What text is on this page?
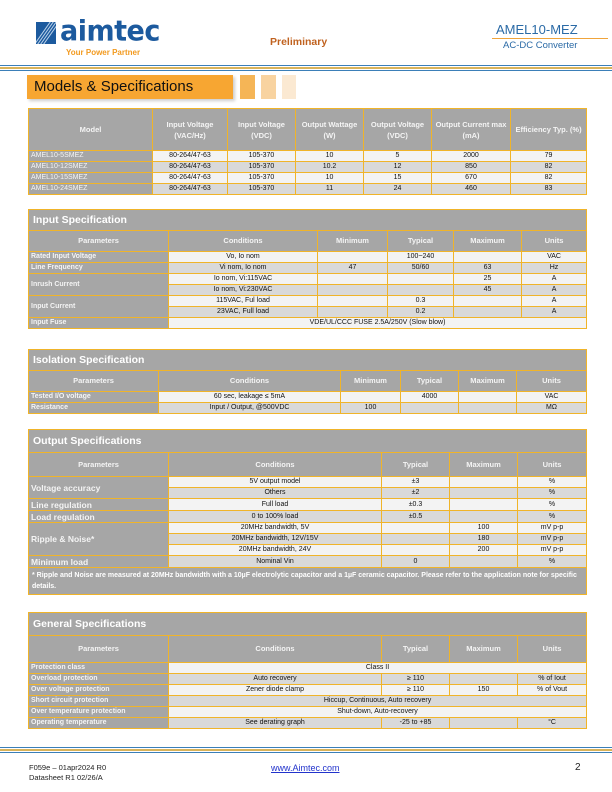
aimtec
Your Power Partner
Preliminary
AMEL10-MEZ
AC-DC Converter
Models & Specifications
Model	Input Voltage (VAC/Hz)	Input Voltage (VDC)	Output Wattage (W)	Output Voltage (VDC)	Output Current max (mA)	Efficiency Typ. (%)
AMEL10-5SMEZ	80-264/47-63	105-370	10	5	2000	79
AMEL10-12SMEZ	80-264/47-63	105-370	10.2	12	850	82
AMEL10-15SMEZ	80-264/47-63	105-370	10	15	670	82
AMEL10-24SMEZ	80-264/47-63	105-370	11	24	460	83
Input Specification					
Parameters	Conditions	Minimum	Typical	Maximum	Units
Rated Input Voltage	Vo, Io nom		100~240		VAC
Line Frequency	Vi nom, Io nom	47	50/60	63	Hz
Inrush Current	Io nom, Vi:115VAC			25	A
	Io nom, Vi:230VAC			45	A
Input Current	115VAC, Ful load		0.3		A
	23VAC, Full load		0.2		A
Input Fuse	VDE/UL/CCC FUSE 2.5A/250V (Slow blow)				
Isolation Specification					
Parameters	Conditions	Minimum	Typical	Maximum	Units
Tested I/O voltage	60 sec, leakage ≤ 5mA		4000		VAC
Resistance	Input / Output, @500VDC	100			MΩ
Output Specifications				
Parameters	Conditions	Typical	Maximum	Units
Voltage accuracy	5V output model	±3		%
	Others	±2		%
Line regulation	Full load	±0.3		%
Load regulation	0 to 100% load	±0.5		%
Ripple & Noise*	20MHz bandwidth, 5V		100	mV p-p
	20MHz bandwidth, 12V/15V		180	mV p-p
	20MHz bandwidth, 24V		200	mV p-p
Minimum load	Nominal Vin	0		%
* Ripple and Noise are measured at 20MHz bandwidth with a 10µF electrolytic capacitor and a 1µF ceramic capacitor. Please refer to the application note for specific details.				
General Specifications				
Parameters	Conditions	Typical	Maximum	Units
Protection class	Class II			
Overload protection	Auto recovery	≥ 110		% of Iout
Over voltage protection	Zener diode clamp	≥ 110	150	% of Vout
Short circuit protection	Hiccup, Continuous, Auto recovery			
Over temperature protection	Shut-down, Auto-recovery			
Operating temperature	See derating graph	-25 to +85		°C
F059e – 01apr2024 R0
Datasheet R1 02/26/A
www.Aimtec.com	2
